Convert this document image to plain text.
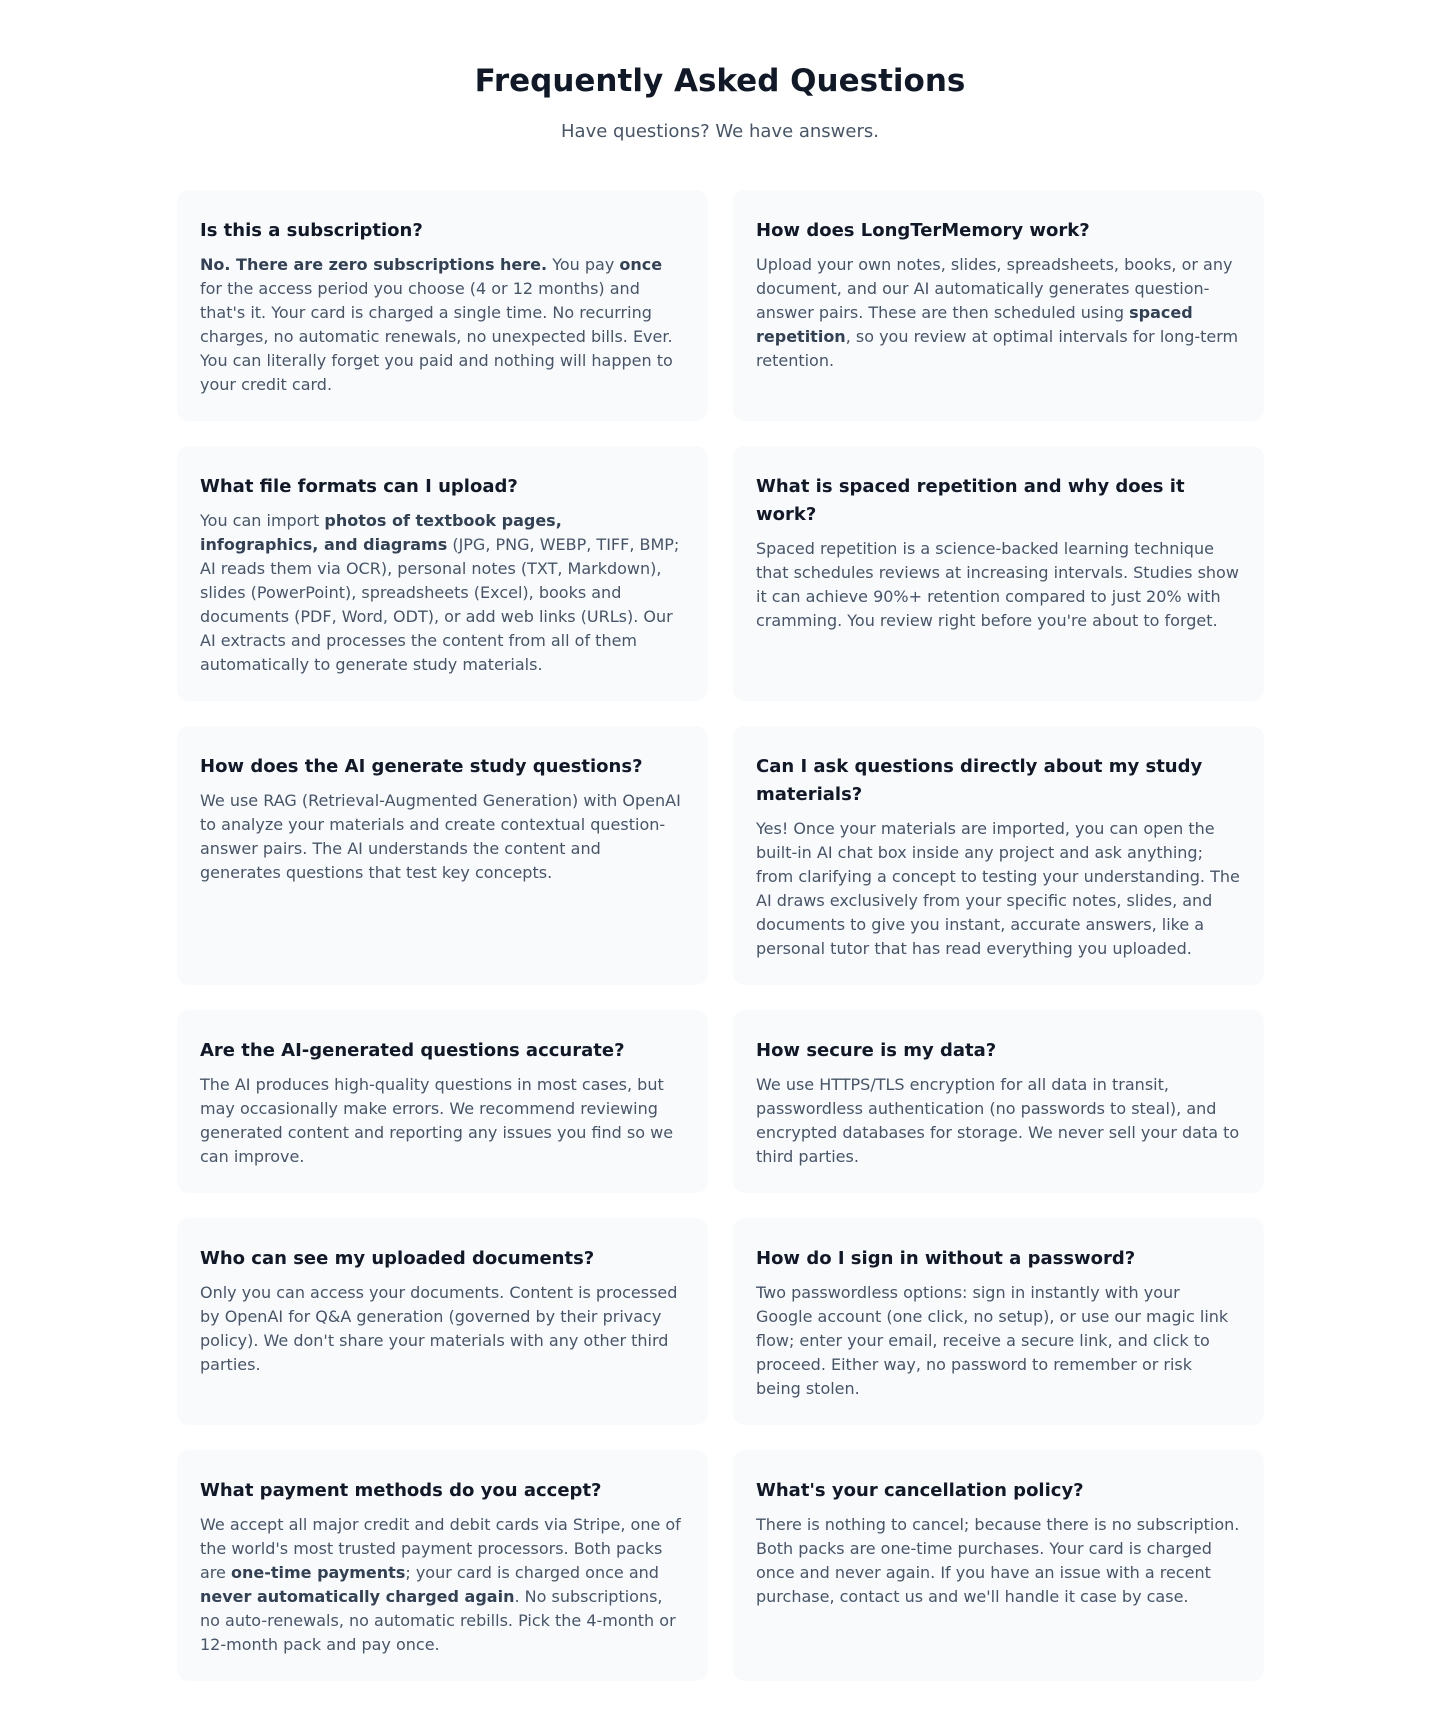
Frequently Asked Questions

Have questions? We have answers.

Is this a subscription?

No. There are zero subscriptions here. You pay once for the access period you choose (4 or 12 months) and that's it. Your card is charged a single time. No recurring charges, no automatic renewals, no unexpected bills. Ever. You can literally forget you paid and nothing will happen to your credit card.

How does LongTerMemory work?

Upload your own notes, slides, spreadsheets, books, or any document, and our AI automatically generates question-answer pairs. These are then scheduled using spaced repetition, so you review at optimal intervals for long-term retention.

What file formats can I upload?

You can import photos of textbook pages, infographics, and diagrams (JPG, PNG, WEBP, TIFF, BMP; AI reads them via OCR), personal notes (TXT, Markdown), slides (PowerPoint), spreadsheets (Excel), books and documents (PDF, Word, ODT), or add web links (URLs). Our AI extracts and processes the content from all of them automatically to generate study materials.

What is spaced repetition and why does it work?

Spaced repetition is a science-backed learning technique that schedules reviews at increasing intervals. Studies show it can achieve 90%+ retention compared to just 20% with cramming. You review right before you're about to forget.

How does the AI generate study questions?

We use RAG (Retrieval-Augmented Generation) with OpenAI to analyze your materials and create contextual question-answer pairs. The AI understands the content and generates questions that test key concepts.

Can I ask questions directly about my study materials?

Yes! Once your materials are imported, you can open the built-in AI chat box inside any project and ask anything; from clarifying a concept to testing your understanding. The AI draws exclusively from your specific notes, slides, and documents to give you instant, accurate answers, like a personal tutor that has read everything you uploaded.

Are the AI-generated questions accurate?

The AI produces high-quality questions in most cases, but may occasionally make errors. We recommend reviewing generated content and reporting any issues you find so we can improve.

How secure is my data?

We use HTTPS/TLS encryption for all data in transit, passwordless authentication (no passwords to steal), and encrypted databases for storage. We never sell your data to third parties.

Who can see my uploaded documents?

Only you can access your documents. Content is processed by OpenAI for Q&A generation (governed by their privacy policy). We don't share your materials with any other third parties.

How do I sign in without a password?

Two passwordless options: sign in instantly with your Google account (one click, no setup), or use our magic link flow; enter your email, receive a secure link, and click to proceed. Either way, no password to remember or risk being stolen.

What payment methods do you accept?

We accept all major credit and debit cards via Stripe, one of the world's most trusted payment processors. Both packs are one-time payments; your card is charged once and never automatically charged again. No subscriptions, no auto-renewals, no automatic rebills. Pick the 4-month or 12-month pack and pay once.

What's your cancellation policy?

There is nothing to cancel; because there is no subscription. Both packs are one-time purchases. Your card is charged once and never again. If you have an issue with a recent purchase, contact us and we'll handle it case by case.
